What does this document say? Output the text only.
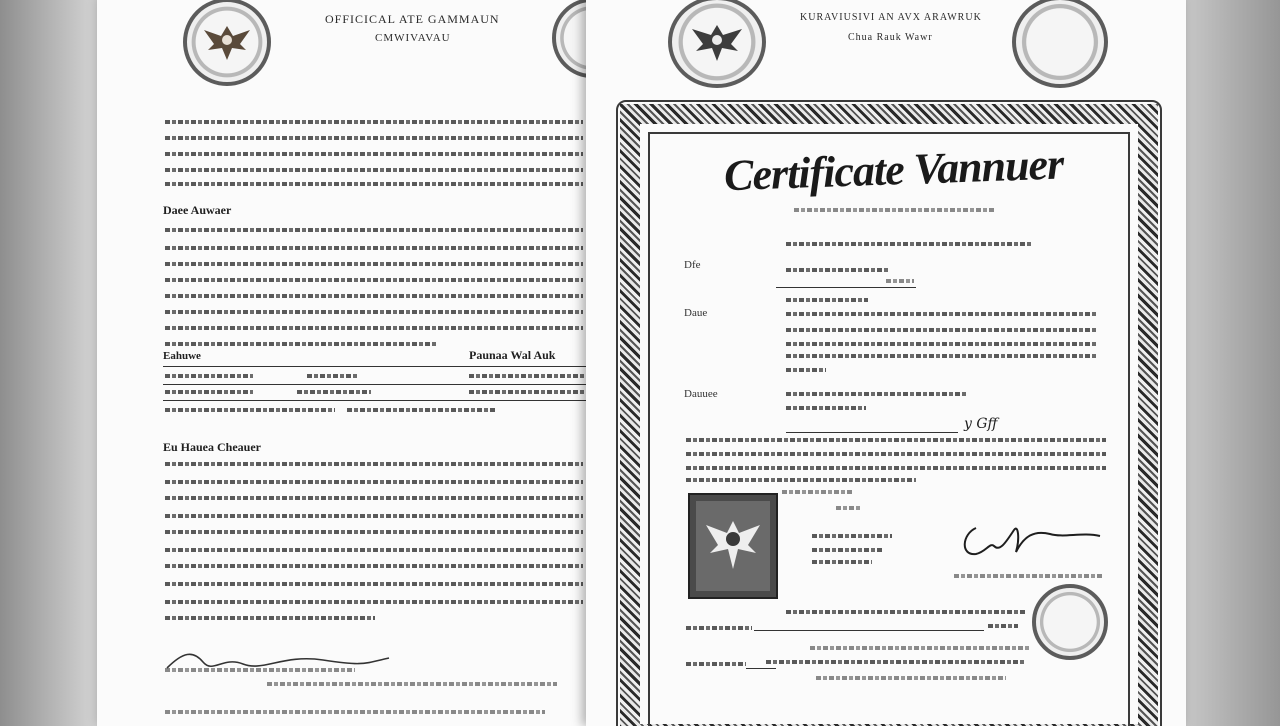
OFFICICAL ATE GAMMAUN
CMWIVAVAU
Daee Auwaer
Eahuwe	Paunaa Wal Auk
Eu Hauea Cheauer
KURAVIUSIVI AN AVX ARAWRUK
Chua Rauk Wawr
Certificate Vannuer
Dfe
Daue
Dauuee
y Gff
